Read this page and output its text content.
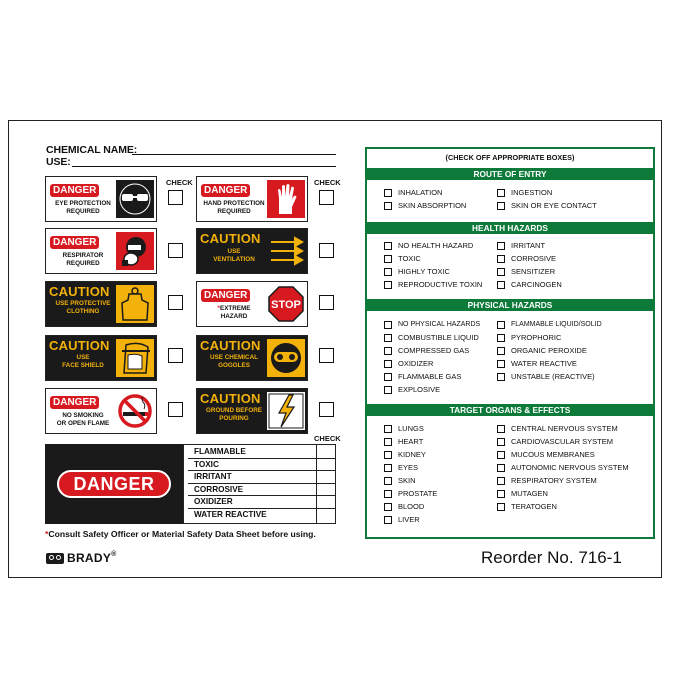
CHEMICAL NAME:
USE:
CHECK	CHECK
DANGER
EYE PROTECTION
REQUIRED
DANGER
HAND PROTECTION
REQUIRED
DANGER
RESPIRATOR
REQUIRED
CAUTION
USE
VENTILATION
CAUTION
USE PROTECTIVE
CLOTHING
DANGER
*EXTREME
HAZARD
STOP
CAUTION
USE
FACE SHIELD
CAUTION
USE CHEMICAL
GOGGLES
DANGER
NO SMOKING
OR OPEN FLAME
CAUTION
GROUND BEFORE
POURING
CHECK
DANGER
FLAMMABLE
TOXIC
IRRITANT
CORROSIVE
OXIDIZER
WATER REACTIVE
*Consult Safety Officer or Material Safety Data Sheet before using.
BRADY®	Reorder No. 716-1
(CHECK OFF APPROPRIATE BOXES)
ROUTE OF ENTRY
INHALATION
SKIN ABSORPTION
INGESTION
SKIN OR EYE CONTACT
HEALTH HAZARDS
NO HEALTH HAZARD
TOXIC
HIGHLY TOXIC
REPRODUCTIVE TOXIN
IRRITANT
CORROSIVE
SENSITIZER
CARCINOGEN
PHYSICAL HAZARDS
NO PHYSICAL HAZARDS
COMBUSTIBLE LIQUID
COMPRESSED GAS
OXIDIZER
FLAMMABLE GAS
EXPLOSIVE
FLAMMABLE LIQUID/SOLID
PYROPHORIC
ORGANIC PEROXIDE
WATER REACTIVE
UNSTABLE (REACTIVE)
TARGET ORGANS & EFFECTS
LUNGS
HEART
KIDNEY
EYES
SKIN
PROSTATE
BLOOD
LIVER
CENTRAL NERVOUS SYSTEM
CARDIOVASCULAR SYSTEM
MUCOUS MEMBRANES
AUTONOMIC NERVOUS SYSTEM
RESPIRATORY SYSTEM
MUTAGEN
TERATOGEN
